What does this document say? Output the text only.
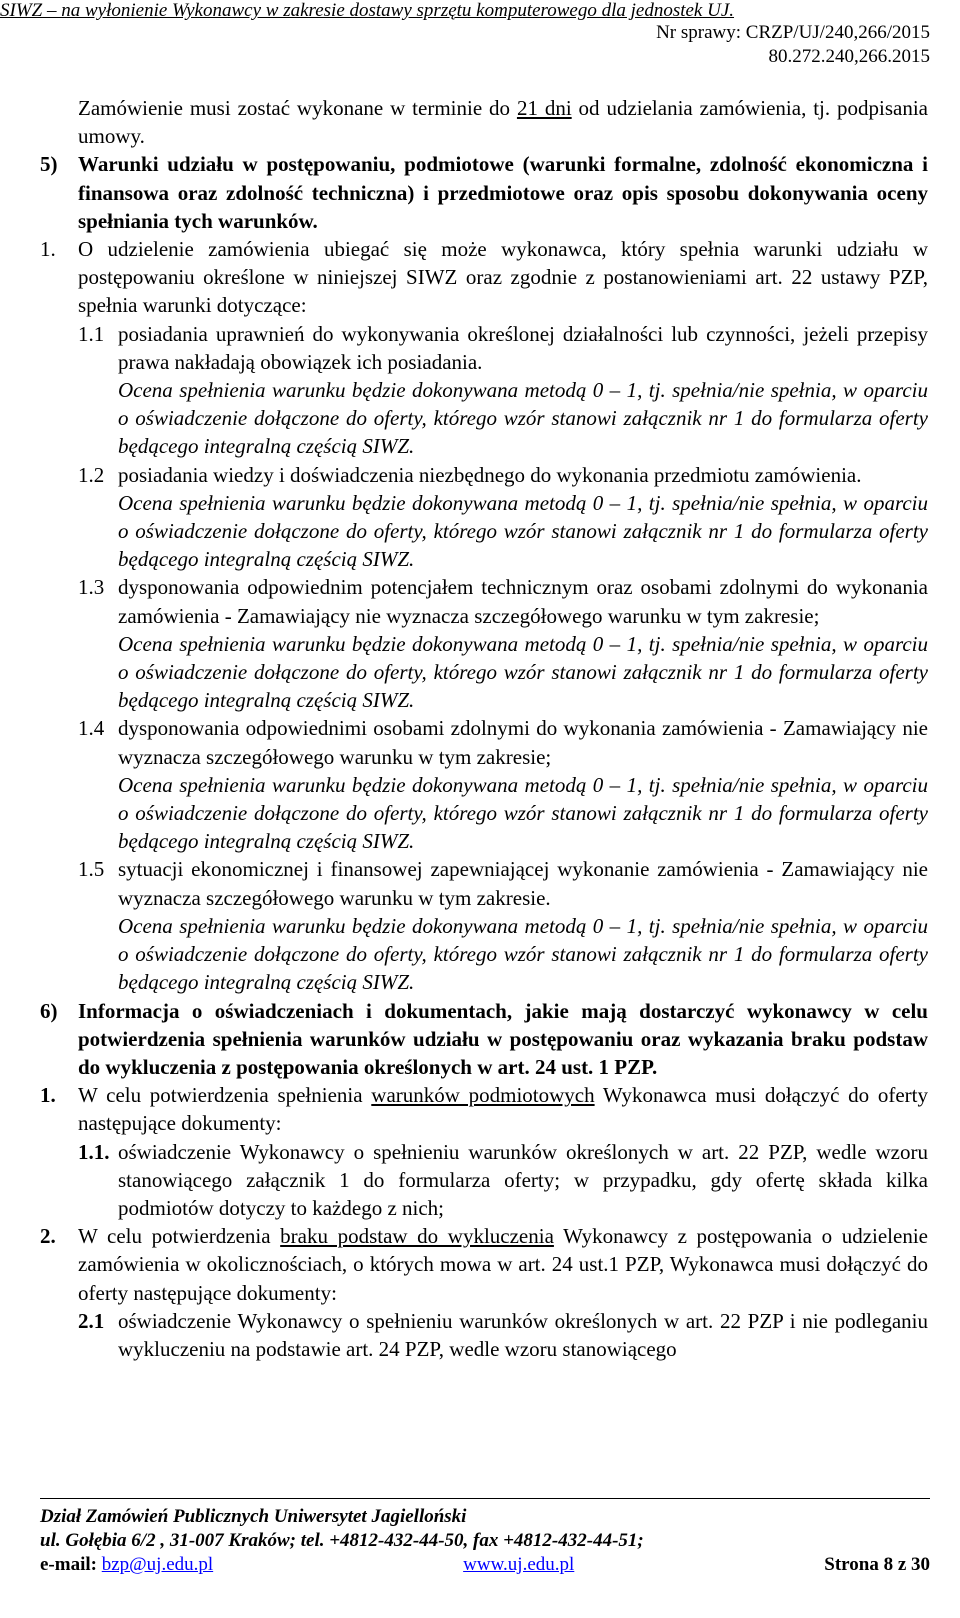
SIWZ – na wyłonienie Wykonawcy w zakresie dostawy sprzętu komputerowego dla jednostek UJ.
Nr sprawy: CRZP/UJ/240,266/2015
80.272.240,266.2015

Zamówienie musi zostać wykonane w terminie do 21 dni od udzielania zamówienia, tj. podpisania umowy.

5) Warunki udziału w postępowaniu, podmiotowe (warunki formalne, zdolność ekonomiczna i finansowa oraz zdolność techniczna) i przedmiotowe oraz opis sposobu dokonywania oceny spełniania tych warunków.

1. O udzielenie zamówienia ubiegać się może wykonawca, który spełnia warunki udziału w postępowaniu określone w niniejszej SIWZ oraz zgodnie z postanowieniami art. 22 ustawy PZP, spełnia warunki dotyczące:

1.1 posiadania uprawnień do wykonywania określonej działalności lub czynności, jeżeli przepisy prawa nakładają obowiązek ich posiadania.

Ocena spełnienia warunku będzie dokonywana metodą 0 – 1, tj. spełnia/nie spełnia, w oparciu o oświadczenie dołączone do oferty, którego wzór stanowi załącznik nr 1 do formularza oferty będącego integralną częścią SIWZ.

1.2 posiadania wiedzy i doświadczenia niezbędnego do wykonania przedmiotu zamówienia.

Ocena spełnienia warunku będzie dokonywana metodą 0 – 1, tj. spełnia/nie spełnia, w oparciu o oświadczenie dołączone do oferty, którego wzór stanowi załącznik nr 1 do formularza oferty będącego integralną częścią SIWZ.

1.3 dysponowania odpowiednim potencjałem technicznym oraz osobami zdolnymi do wykonania zamówienia - Zamawiający nie wyznacza szczegółowego warunku w tym zakresie;

Ocena spełnienia warunku będzie dokonywana metodą 0 – 1, tj. spełnia/nie spełnia, w oparciu o oświadczenie dołączone do oferty, którego wzór stanowi załącznik nr 1 do formularza oferty będącego integralną częścią SIWZ.

1.4 dysponowania odpowiednimi osobami zdolnymi do wykonania zamówienia - Zamawiający nie wyznacza szczegółowego warunku w tym zakresie;

Ocena spełnienia warunku będzie dokonywana metodą 0 – 1, tj. spełnia/nie spełnia, w oparciu o oświadczenie dołączone do oferty, którego wzór stanowi załącznik nr 1 do formularza oferty będącego integralną częścią SIWZ.

1.5 sytuacji ekonomicznej i finansowej zapewniającej wykonanie zamówienia - Zamawiający nie wyznacza szczegółowego warunku w tym zakresie.

Ocena spełnienia warunku będzie dokonywana metodą 0 – 1, tj. spełnia/nie spełnia, w oparciu o oświadczenie dołączone do oferty, którego wzór stanowi załącznik nr 1 do formularza oferty będącego integralną częścią SIWZ.

6) Informacja o oświadczeniach i dokumentach, jakie mają dostarczyć wykonawcy w celu potwierdzenia spełnienia warunków udziału w postępowaniu oraz wykazania braku podstaw do wykluczenia z postępowania określonych w art. 24 ust. 1 PZP.

1. W celu potwierdzenia spełnienia warunków podmiotowych Wykonawca musi dołączyć do oferty następujące dokumenty:

1.1. oświadczenie Wykonawcy o spełnieniu warunków określonych w art. 22 PZP, wedle wzoru stanowiącego załącznik 1 do formularza oferty; w przypadku, gdy ofertę składa kilka podmiotów dotyczy to każdego z nich;

2. W celu potwierdzenia braku podstaw do wykluczenia Wykonawcy z postępowania o udzielenie zamówienia w okolicznościach, o których mowa w art. 24 ust.1 PZP, Wykonawca musi dołączyć do oferty następujące dokumenty:

2.1 oświadczenie Wykonawcy o spełnieniu warunków określonych w art. 22 PZP i nie podleganiu wykluczeniu na podstawie art. 24 PZP, wedle wzoru stanowiącego

Dział Zamówień Publicznych Uniwersytet Jagielloński
ul. Gołębia 6/2 , 31-007 Kraków; tel. +4812-432-44-50, fax +4812-432-44-51;
e-mail: bzp@uj.edu.pl	www.uj.edu.pl	Strona 8 z 30
